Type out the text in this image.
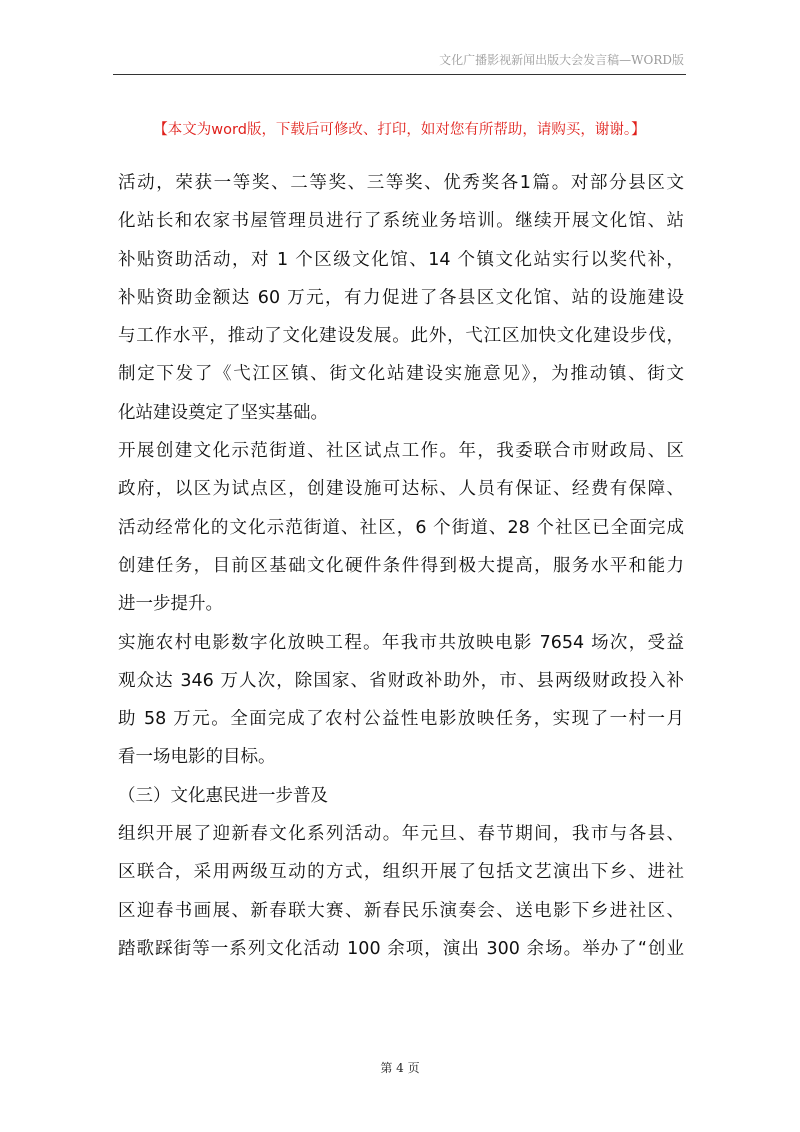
文化广播影视新闻出版大会发言稿—WORD版
【本文为word版，下载后可修改、打印，如对您有所帮助，请购买，谢谢。】
活动，荣获一等奖、二等奖、三等奖、优秀奖各1篇。对部分县区文
化站长和农家书屋管理员进行了系统业务培训。继续开展文化馆、站
补贴资助活动，对 1 个区级文化馆、14 个镇文化站实行以奖代补，
补贴资助金额达 60 万元，有力促进了各县区文化馆、站的设施建设
与工作水平，推动了文化建设发展。此外，弋江区加快文化建设步伐，
制定下发了《弋江区镇、街文化站建设实施意见》，为推动镇、街文
化站建设奠定了坚实基础。
开展创建文化示范街道、社区试点工作。年，我委联合市财政局、区
政府，以区为试点区，创建设施可达标、人员有保证、经费有保障、
活动经常化的文化示范街道、社区，6 个街道、28 个社区已全面完成
创建任务，目前区基础文化硬件条件得到极大提高，服务水平和能力
进一步提升。
实施农村电影数字化放映工程。年我市共放映电影 7654 场次，受益
观众达 346 万人次，除国家、省财政补助外，市、县两级财政投入补
助 58 万元。全面完成了农村公益性电影放映任务，实现了一村一月
看一场电影的目标。
（三）文化惠民进一步普及
组织开展了迎新春文化系列活动。年元旦、春节期间，我市与各县、
区联合，采用两级互动的方式，组织开展了包括文艺演出下乡、进社
区迎春书画展、新春联大赛、新春民乐演奏会、送电影下乡进社区、
踏歌踩街等一系列文化活动 100 余项，演出 300 余场。举办了“创业
第 4 页
